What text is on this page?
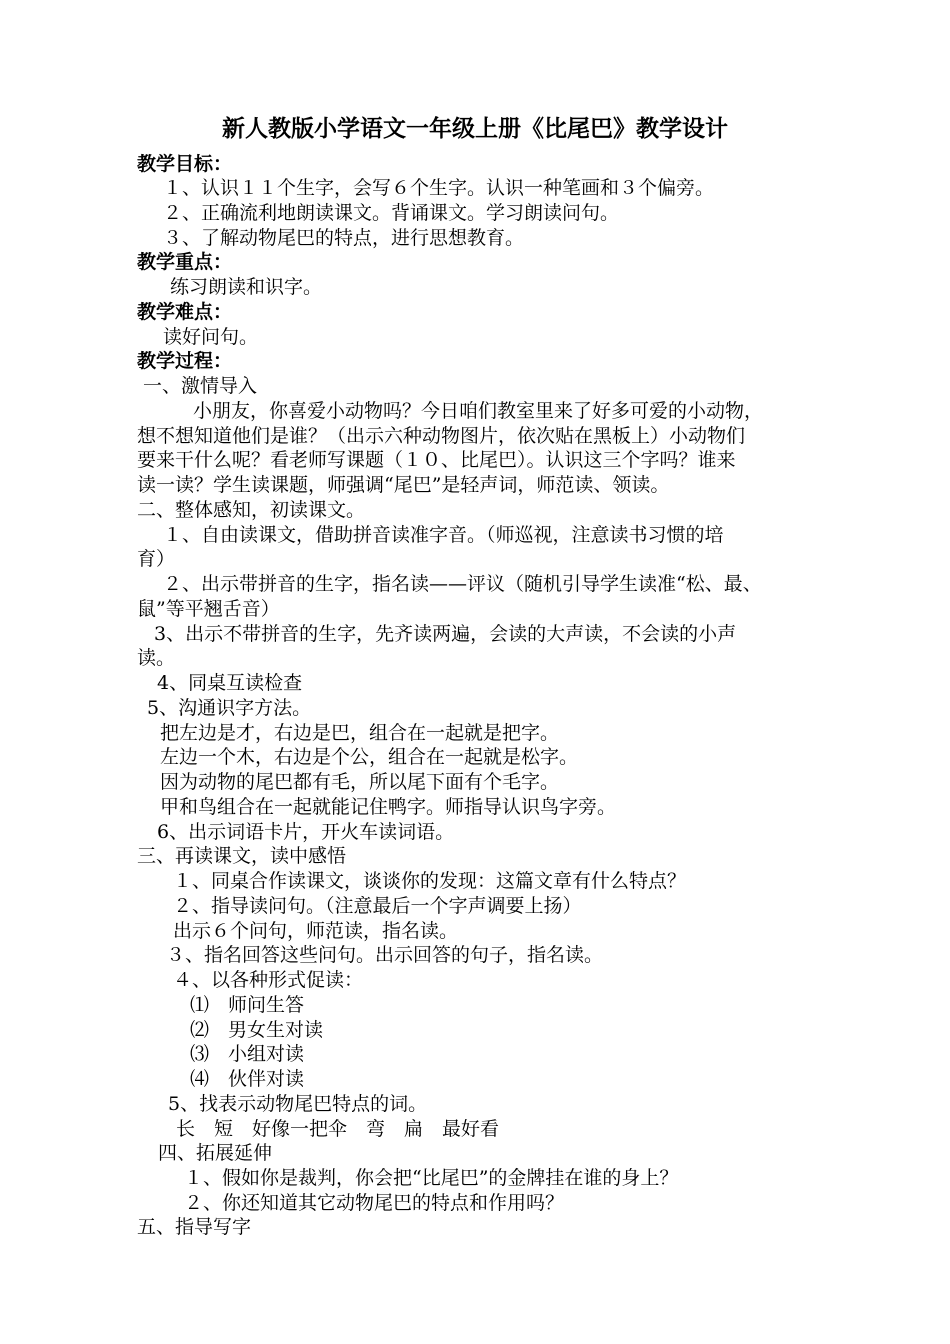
新人教版小学语文一年级上册《比尾巴》教学设计
教学目标：
１、认识１１个生字，会写６个生字。认识一种笔画和３个偏旁。
２、正确流利地朗读课文。背诵课文。学习朗读问句。
３、了解动物尾巴的特点，进行思想教育。
教学重点：
练习朗读和识字。
教学难点：
读好问句。
教学过程：
一、激情导入
小朋友，你喜爱小动物吗？今日咱们教室里来了好多可爱的小动物，
想不想知道他们是谁？（出示六种动物图片，依次贴在黑板上）小动物们
要来干什么呢？看老师写课题（１０、比尾巴）。认识这三个字吗？谁来
读一读？学生读课题，师强调“尾巴”是轻声词，师范读、领读。
二、整体感知，初读课文。
１、自由读课文，借助拼音读准字音。（师巡视，注意读书习惯的培
育）
２、出示带拼音的生字，指名读——评议（随机引导学生读准“松、最、
鼠”等平翘舌音）
3、出示不带拼音的生字，先齐读两遍，会读的大声读，不会读的小声
读。
4、同桌互读检查
5、沟通识字方法。
把左边是才，右边是巴，组合在一起就是把字。
左边一个木，右边是个公，组合在一起就是松字。
因为动物的尾巴都有毛，所以尾下面有个毛字。
甲和鸟组合在一起就能记住鸭字。师指导认识鸟字旁。
6、出示词语卡片，开火车读词语。
三、再读课文，读中感悟
１、同桌合作读课文，谈谈你的发现：这篇文章有什么特点？
２、指导读问句。（注意最后一个字声调要上扬）
出示６个问句，师范读，指名读。
３、指名回答这些问句。出示回答的句子，指名读。
４、以各种形式促读：
⑴　师问生答
⑵　男女生对读
⑶　小组对读
⑷　伙伴对读
5、找表示动物尾巴特点的词。
长　短　好像一把伞　弯　扁　最好看
四、拓展延伸
１、假如你是裁判，你会把“比尾巴”的金牌挂在谁的身上？
２、你还知道其它动物尾巴的特点和作用吗？
五、指导写字
